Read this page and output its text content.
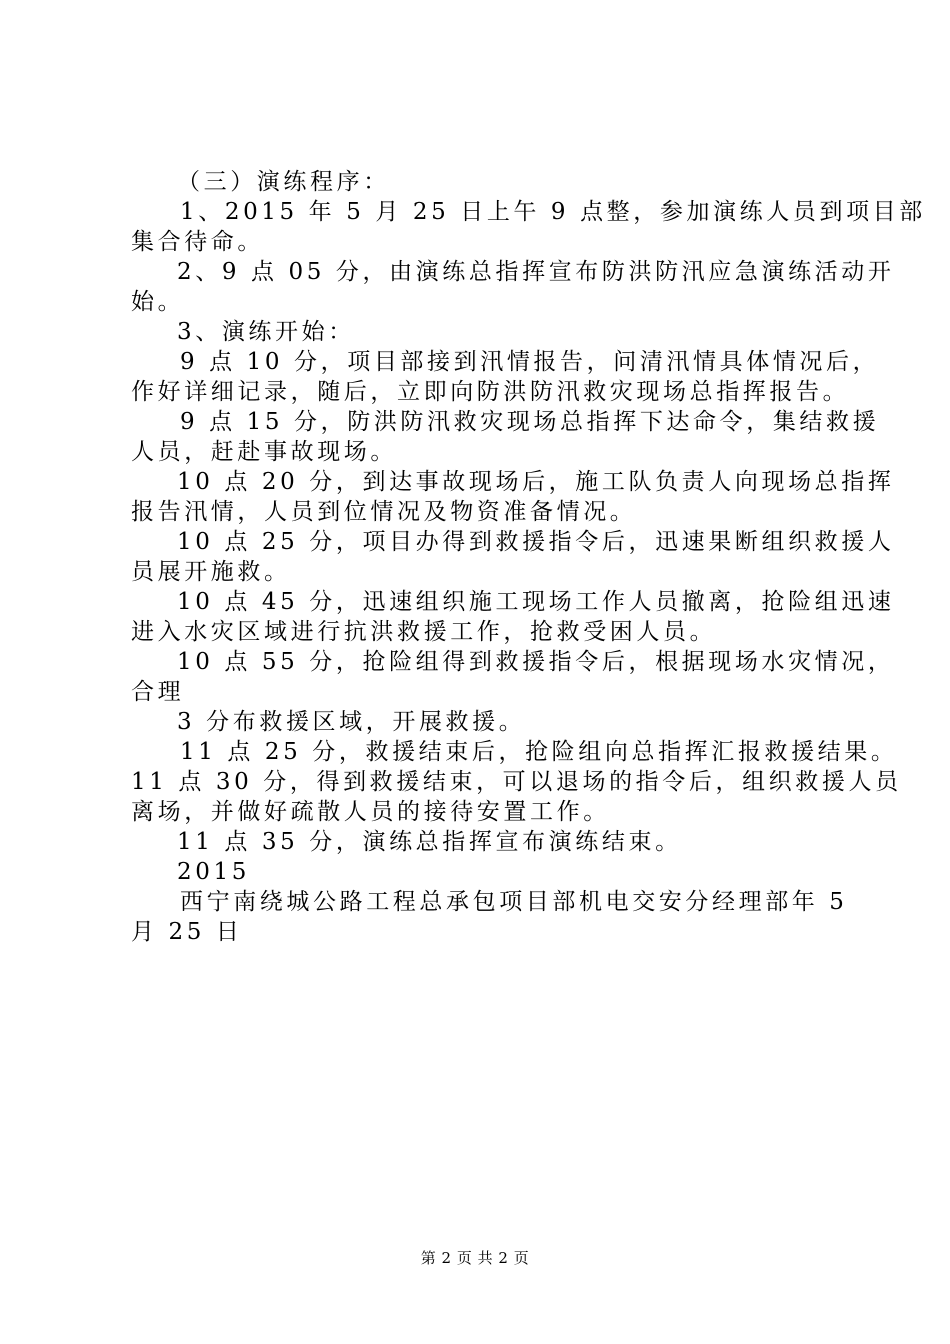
（三）演练程序：
1、2015 年 5 月 25 日上午 9 点整，参加演练人员到项目部
集合待命。
2、9 点 05 分，由演练总指挥宣布防洪防汛应急演练活动开
始。
3、演练开始：
9 点 10 分，项目部接到汛情报告，问清汛情具体情况后，
作好详细记录，随后，立即向防洪防汛救灾现场总指挥报告。
9 点 15 分，防洪防汛救灾现场总指挥下达命令，集结救援
人员，赶赴事故现场。
10 点 20 分，到达事故现场后，施工队负责人向现场总指挥
报告汛情，人员到位情况及物资准备情况。
10 点 25 分，项目办得到救援指令后，迅速果断组织救援人
员展开施救。
10 点 45 分，迅速组织施工现场工作人员撤离，抢险组迅速
进入水灾区域进行抗洪救援工作，抢救受困人员。
10 点 55 分，抢险组得到救援指令后，根据现场水灾情况，
合理
3 分布救援区域，开展救援。
11 点 25 分，救援结束后，抢险组向总指挥汇报救援结果。
11 点 30 分，得到救援结束，可以退场的指令后，组织救援人员
离场，并做好疏散人员的接待安置工作。
11 点 35 分，演练总指挥宣布演练结束。
2015
西宁南绕城公路工程总承包项目部机电交安分经理部年 5
月 25 日
第 2 页 共 2 页
